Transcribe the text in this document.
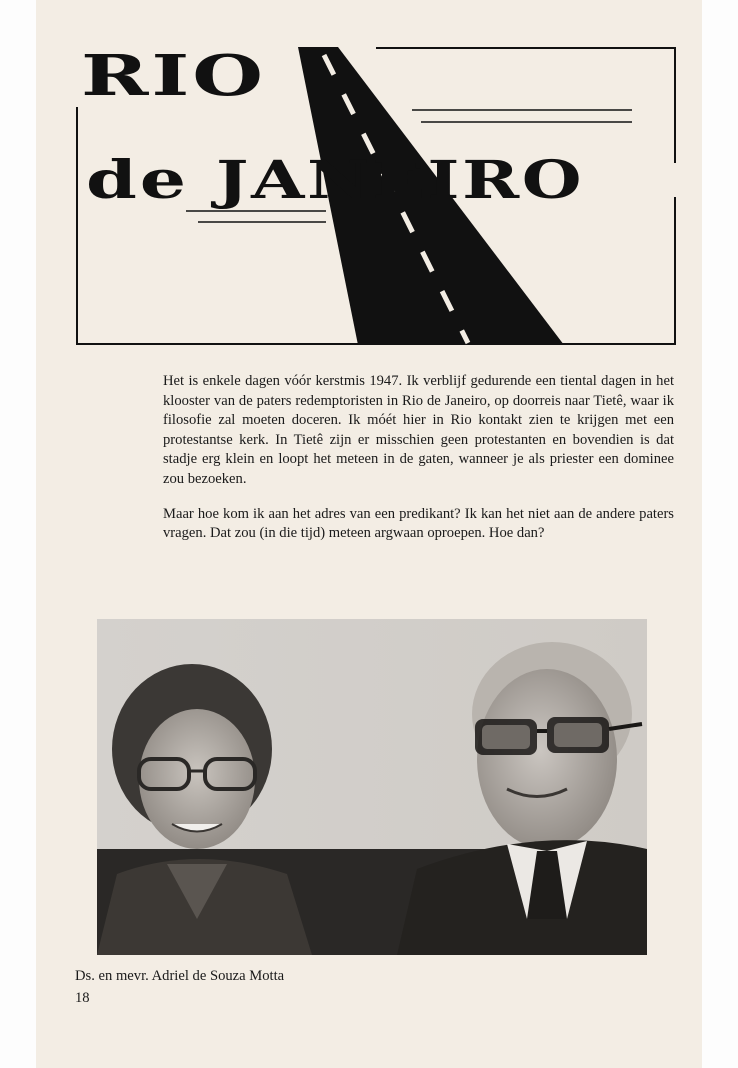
RIO
de JANEIRO

Het is enkele dagen vóór kerstmis 1947. Ik verblijf gedurende een tiental dagen in het klooster van de paters redemptoristen in Rio de Janeiro, op doorreis naar Tietê, waar ik filosofie zal moeten doceren. Ik móét hier in Rio kontakt zien te krijgen met een protestantse kerk. In Tietê zijn er misschien geen protestanten en bovendien is dat stadje erg klein en loopt het meteen in de gaten, wanneer je als priester een dominee zou bezoeken.

Maar hoe kom ik aan het adres van een predikant? Ik kan het niet aan de andere paters vragen. Dat zou (in die tijd) meteen argwaan oproepen. Hoe dan?

Ds. en mevr. Adriel de Souza Motta
18
